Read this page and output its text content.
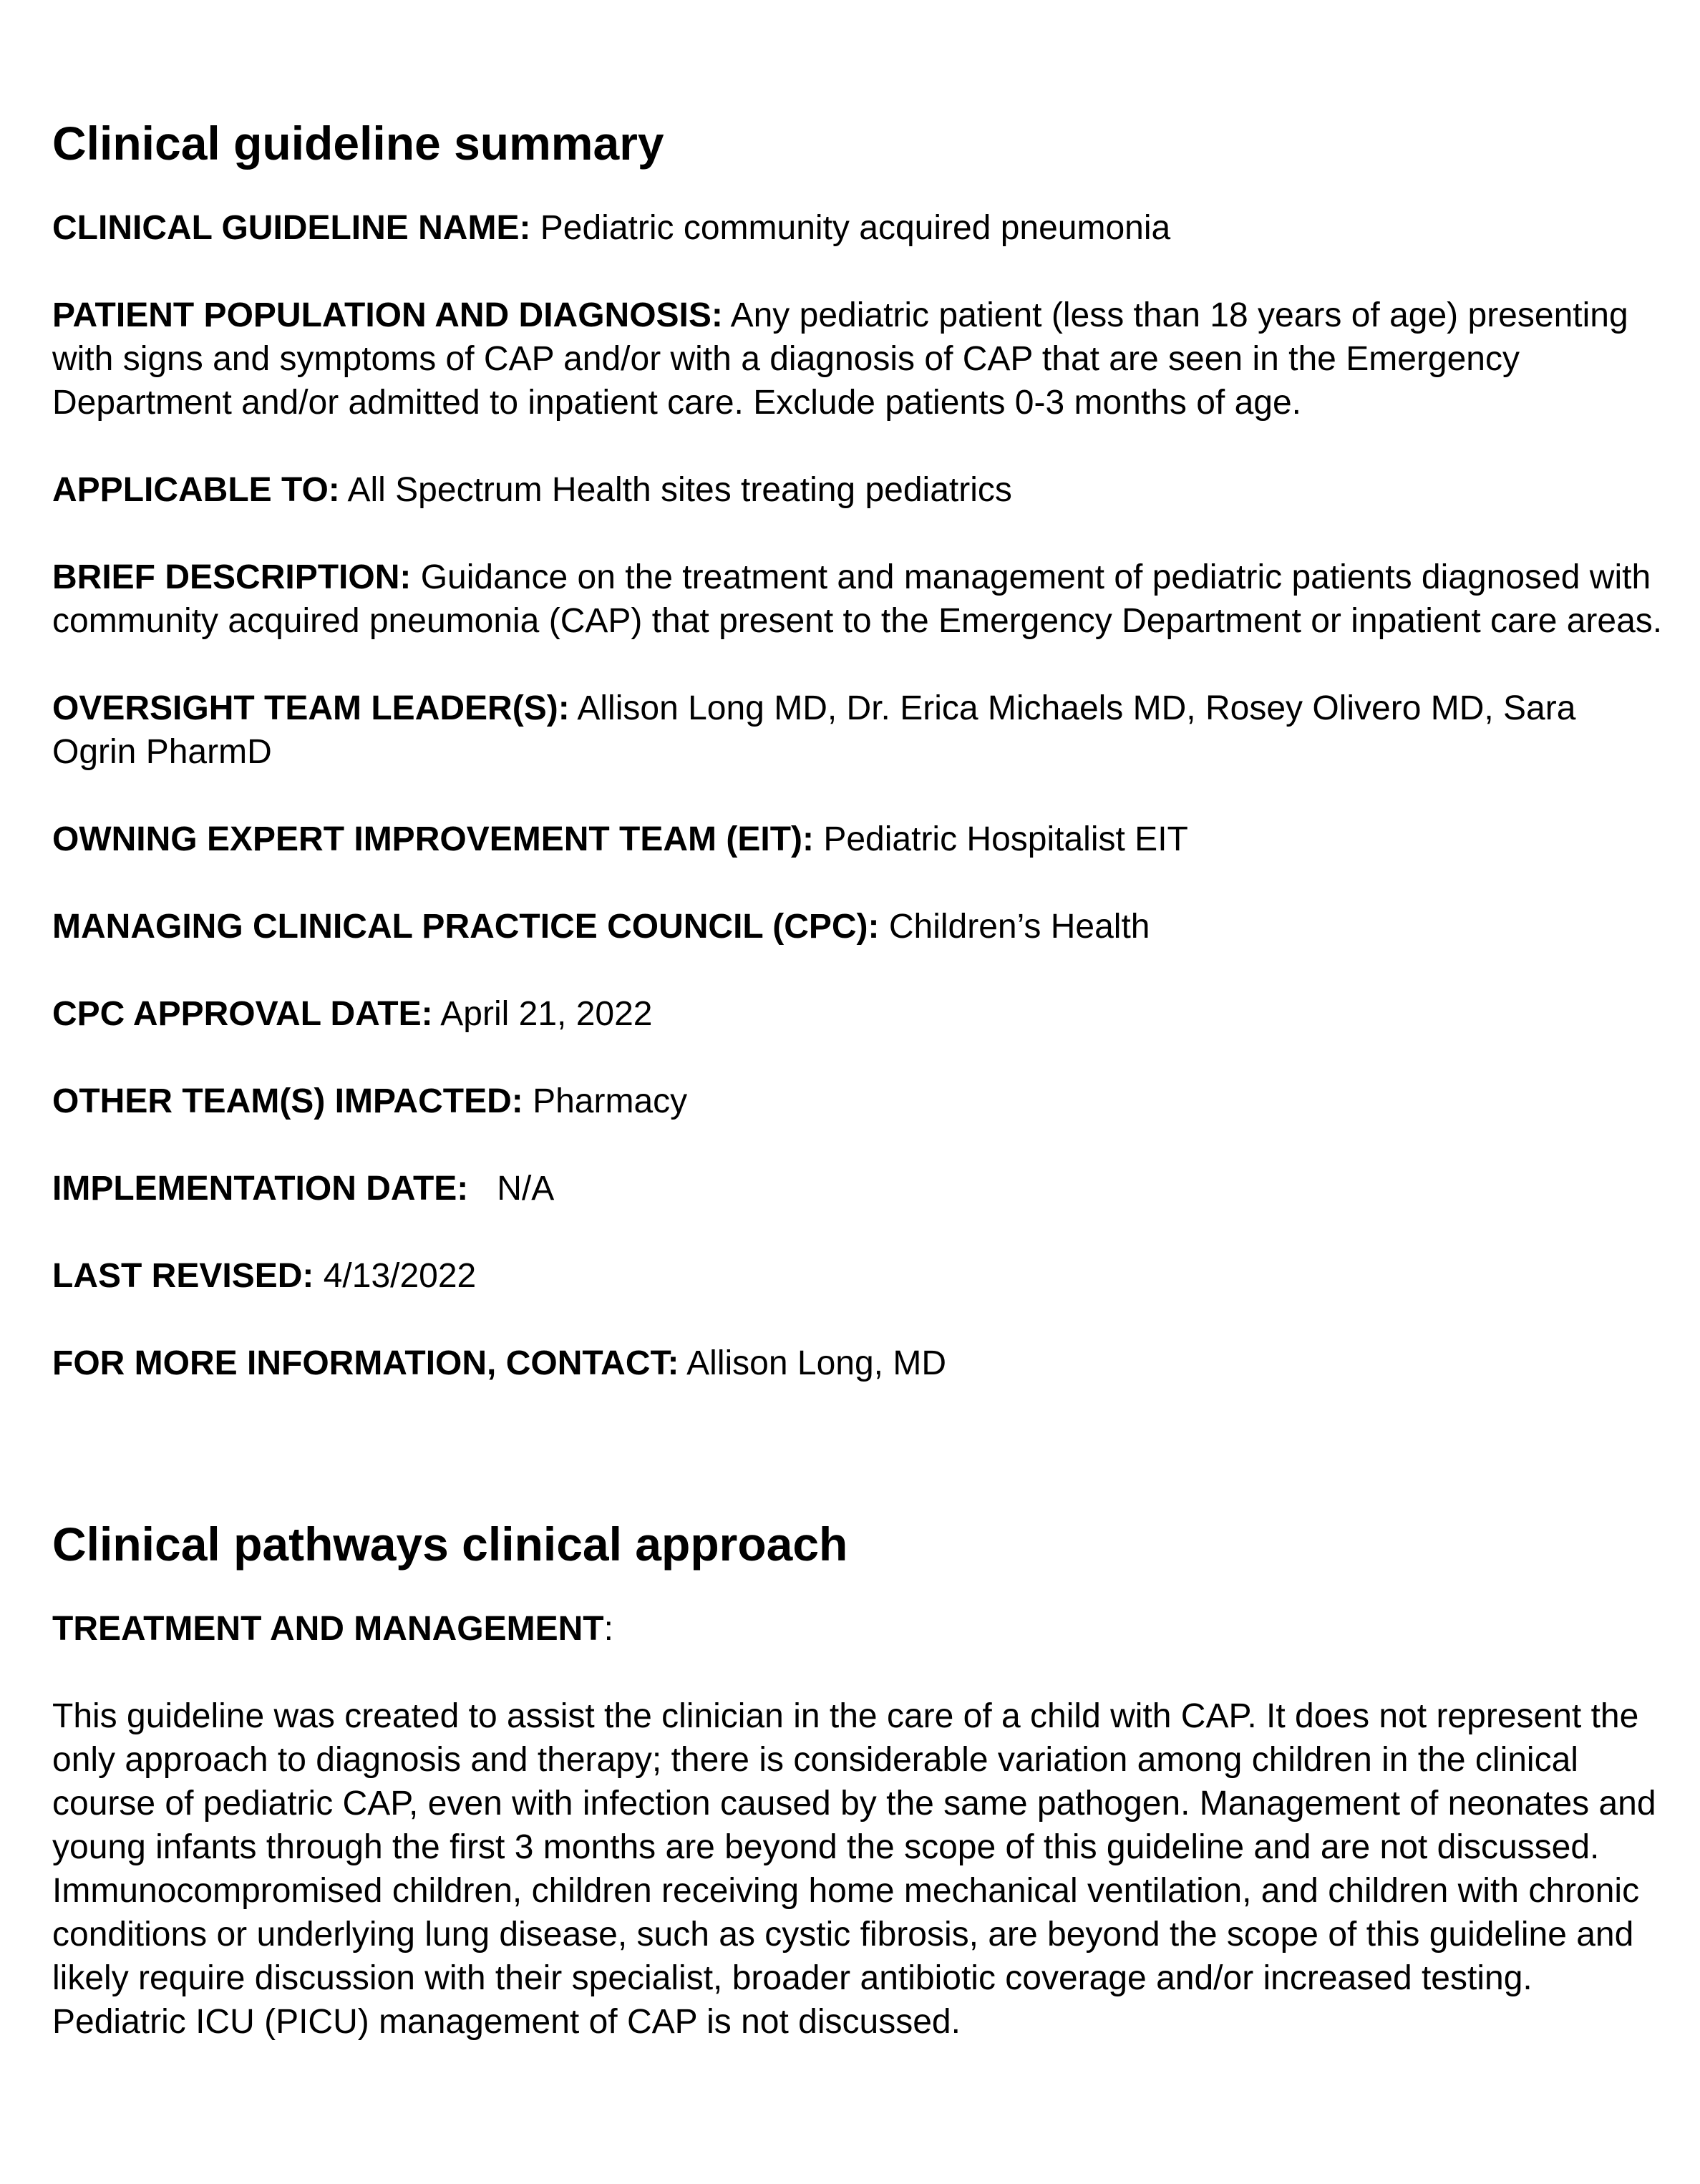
Clinical guideline summary

CLINICAL GUIDELINE NAME: Pediatric community acquired pneumonia

PATIENT POPULATION AND DIAGNOSIS: Any pediatric patient (less than 18 years of age) presenting with signs and symptoms of CAP and/or with a diagnosis of CAP that are seen in the Emergency Department and/or admitted to inpatient care. Exclude patients 0-3 months of age.

APPLICABLE TO: All Spectrum Health sites treating pediatrics

BRIEF DESCRIPTION: Guidance on the treatment and management of pediatric patients diagnosed with community acquired pneumonia (CAP) that present to the Emergency Department or inpatient care areas.

OVERSIGHT TEAM LEADER(S): Allison Long MD, Dr. Erica Michaels MD, Rosey Olivero MD, Sara Ogrin PharmD

OWNING EXPERT IMPROVEMENT TEAM (EIT): Pediatric Hospitalist EIT

MANAGING CLINICAL PRACTICE COUNCIL (CPC): Children’s Health

CPC APPROVAL DATE: April 21, 2022

OTHER TEAM(S) IMPACTED: Pharmacy

IMPLEMENTATION DATE:   N/A

LAST REVISED: 4/13/2022

FOR MORE INFORMATION, CONTACT: Allison Long, MD

Clinical pathways clinical approach

TREATMENT AND MANAGEMENT:

This guideline was created to assist the clinician in the care of a child with CAP. It does not represent the only approach to diagnosis and therapy; there is considerable variation among children in the clinical course of pediatric CAP, even with infection caused by the same pathogen. Management of neonates and young infants through the first 3 months are beyond the scope of this guideline and are not discussed. Immunocompromised children, children receiving home mechanical ventilation, and children with chronic conditions or underlying lung disease, such as cystic fibrosis, are beyond the scope of this guideline and likely require discussion with their specialist, broader antibiotic coverage and/or increased testing. Pediatric ICU (PICU) management of CAP is not discussed.
